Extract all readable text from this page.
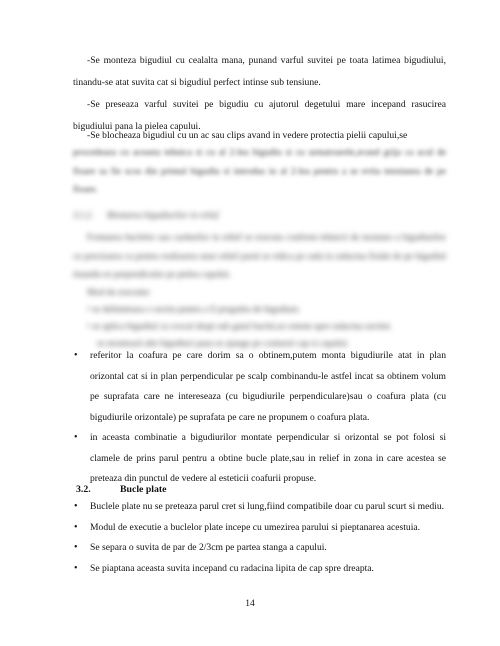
-Se monteza bigudiul cu cealalta mana, punand varful suvitei pe toata latimea bigudiului, tinandu-se atat suvita cat si bigudiul perfect intinse sub tensiune.

-Se preseaza varful suvitei pe bigudiu cu ajutorul degetului mare incepand rasucirea bigudiului pana la pielea capului.

-Se blocheaza bigudiul cu un ac sau clips avand in vedere protectia pielii capului,se

procedeaza cu aceasta tehnica si cu al 2-lea bigudiu si cu urmatoarele,avand grija ca acul de fixare sa fie scos din primul bigudiu si introdus in al 2-lea pentru a se evita tensiunea de pe fixare.

3.1.2. Montarea bigudiurilor in relief
Formarea buclelor sau cardurilor in relief se executa conform tehnicii de montare a bigudiurilor cu precizarea ca pentru realizarea unui relief parul se ridica pe rada la radacina fixdat de pe bigudiul tinandu-se perpendicular pe pielea capului.
Mod de executie:
• se delimiteaza o suvita pentru a fi pregatita de bigudiare.
• se aplica bigudiul cu crocul drept sub gatul buclei,se roteste spre radacina suvitei.
se montează alte bigudiuri pana se ajunge pe conturul cap si capului.
• referitor la coafura pe care dorim sa o obtinem,putem monta bigudiurile atat in plan orizontal cat si in plan perpendicular pe scalp combinandu-le astfel incat sa obtinem volum pe suprafata care ne intereseaza (cu bigudiurile perpendiculare)sau o coafura plata (cu bigudiurile orizontale) pe suprafata pe care ne propunem o coafura plata.
• in aceasta combinatie a bigudiurilor montate perpendicular si orizontal se pot folosi si clamele de prins parul pentru a obtine bucle plate,sau in relief in zona in care acestea se preteaza din punctul de vedere al esteticii coafurii propuse.
3.2.	Bucle plate
• Buclele plate nu se preteaza parul cret si lung,fiind compatibile doar cu parul scurt si mediu.
• Modul de executie a buclelor plate incepe cu umezirea parului si pieptanarea acestuia.
• Se separa o suvita de par de 2/3cm pe partea stanga a capului.
• Se piaptana aceasta suvita incepand cu radacina lipita de cap spre dreapta.
14
